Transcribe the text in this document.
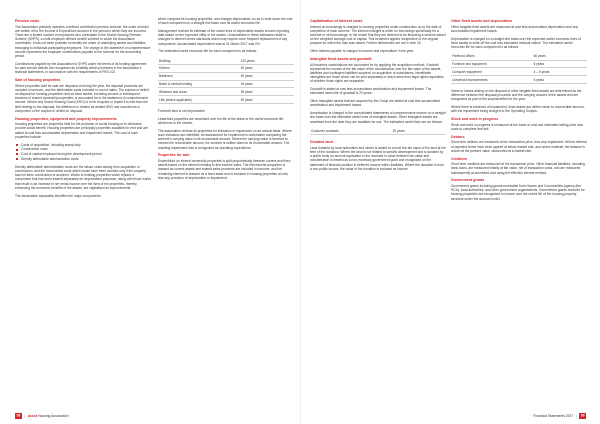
Pension costs

The Association primarily operates a defined contribution pension scheme, the costs of which are written off to the Income & Expenditure account in the period in which they are incurred. There are a limited number of employees who participate in the Social Housing Pension Scheme (SHPS), a multi-employer defined benefit scheme to which the Association contributes. It has not been possible to identify the share of underlying assets and liabilities belonging to individual participating employers. The charge to the statement of comprehensive income represents the employer contributions payable to the scheme for the accounting period.

Contributions payable by the Association to SHPS under the terms of its funding agreement for past service deficits are recognised as a liability within provisions in the Association's financial statements, in accordance with the requirements of FRS 102.

Sale of housing properties

Where properties built for sale are disposed of during the year, the disposal proceeds are included in turnover, and the attributable costs included in cost of sales. The surplus or deficit on disposal of housing properties held as fixed assets, including second or subsequent tranches of shared ownership properties, is accounted for in the statement of comprehensive income. Where any Social Housing Grant (SHG) is to be recycled or repaid it is less than the limit relating to the disposal, the difference is treated as abated SHG and included as a component of the surplus or deficit on disposal.

Housing properties, equipment and property improvements

Housing properties are properties held for the provision of social housing or to otherwise provide social benefit. Housing properties are principally properties available for rent and are stated at cost less accumulated depreciation and impairment losses. The cost of such properties include:

Costs of acquisition, including stamp duty
Construction costs
Cost of capital employed during the development period
Directly attributable administration costs

Directly attributable administration costs are the labour costs arising from acquisition or construction, and the incremental costs which would have been avoided only if the property had not been constructed or acquired. Works to existing properties which replace a component that has been treated separately for depreciation purposes, along with those works that result in an increase in net rental income over the lives of the properties, thereby enhancing the economic benefits of the assets, are capitalised as improvements.

The Association separately identifies the major components

which comprise its housing properties, and charges depreciation, so as to write down the cost of each component on a straight line basis over its useful economic life.

Management reviews its estimate of the useful lives of depreciable assets at each reporting date based on the expected utility of the assets. Uncertainties in these estimates relate to changes to decent homes standards which may require more frequent replacement of key components. Accumulated depreciation was at 31 March 2017 was 0%.

The estimated useful economic life for each component is as follows:

Building	120 years
Kitchen	20 years
Bathroom	30 years
Boiler & central heating	15 years
Windows and doors	35 years
Lifts (where applicable)	30 years

Freehold land is not depreciated.

Leasehold properties are amortised over the life of the lease or the useful economic life, whichever is the shorter.

The association reviews its properties for indication of impairment on an annual basis. Where such indicators are identified, an assessment for impairment is undertaken comparing the scheme's carrying value to its recoverable amount. Where the carrying value is deemed to exceed the recoverable amount, the scheme is written down to its recoverable amount. The resulting impairment loss is recognised as operating expenditure.

Properties for sale

Expenditure on shared ownership properties is split proportionally between current and fixed assets based on the element relating to first tranche sales. The first tranche proportion is classed as current assets and related sales proceeds are included in turnover, and the remaining element is classed as a fixed asset and is included in housing properties at cost, less any provision of depreciation or impairment.

Capitalisation of interest costs

Interest on borrowings is charged to housing properties under construction up to the date of completion of each scheme. The interest charged is either on borrowings specifically for a scheme or net borrowings, to the extent that they are deemed to be financing a scheme based on the weighted average cost of capital. This treatment applies irrespective of the original purpose for which the loan was raised. Further deficiencies set out in note 15.

Other interest payable is charged to income and expenditure in the year.

Intangible fixed assets and goodwill

All business combinations are accounted for by applying the acquisition method. Goodwill represents the excess of the fair value of the consideration over the fair value of the assets, liabilities and contingent liabilities acquired on acquisition of subsidiaries. Identifiable intangibles are those which can be sold separately or which arise from legal rights regardless of whether those rights are separable.

Goodwill is stated at cost less accumulated amortisation and impairment losses. The estimated useful life of goodwill is 20 years.

Other intangible assets that are acquired by the Group are stated at cost less accumulated amortisation and impairment losses.

Amortisation is charged to the consolidated statements of comprehensive income on a straight line basis over the estimated useful lives of intangible assets. Other intangible assets are amortised from the date they are available for use. The estimated useful lives are as follows:

Customer contracts	20 years
Donated land

Land donated by local authorities and others is added to cost at the fair value of the land at the time of the donation. Where the land is not related to specific development and is donated by a public body an amount equivalent to the increase in value between fair value and consideration is treated as a non-monetary government grant and recognised on the statement of financial position in deferred income within liabilities. Where the donation is from a non-public source, the value of the donation is included as income.

Other fixed assets and depreciation

Other tangible fixed assets are measured at cost less accumulated depreciation and any accumulated impairment losses.

Depreciation is charged on a straight-line basis over the expected useful economic lives of fixed assets to write off the cost less estimated residual values. The estimated useful economic life for each component is as follows:

Freehold offices	50 years
Furniture and equipment	6 years
Computer equipment	4 – 6 years
Leasehold improvements	6 years

Gains or losses arising on the disposal of other tangible fixed assets are determined as the difference between the disposal proceeds and the carrying amount of the assets and are recognised as part of the surplus/deficit for the year.

Where there is evidence of impairment, fixed assets are written down to recoverable amount, with the impairment being charged to the Operating Surplus.

Stock and work in progress

Stock and work in progress is measured at the lower of cost and estimated selling price less costs to complete and sell.

Debtors

Short term debtors are measured at the transaction price, less any impairment. Where deferral of payment terms have been agreed at below market rate, and where material, the balance is shown at the present value, discounted at a market rate.

Creditors

Short term creditors are measured at the transaction price. Other financial liabilities, including bank loans, are measured initially at fair value, net of transaction costs, and are measured subsequently at amortised cost using the effective interest method.

Government grants

Government grants including grants receivable from Homes and Communities Agency (the HCA), local authorities, and other government organisations. Government grants received for housing properties are recognised in income over the useful life of the housing property structure under the accrual model.

58 | Ascot Housing Association	Financial Statements 2017 | 59
